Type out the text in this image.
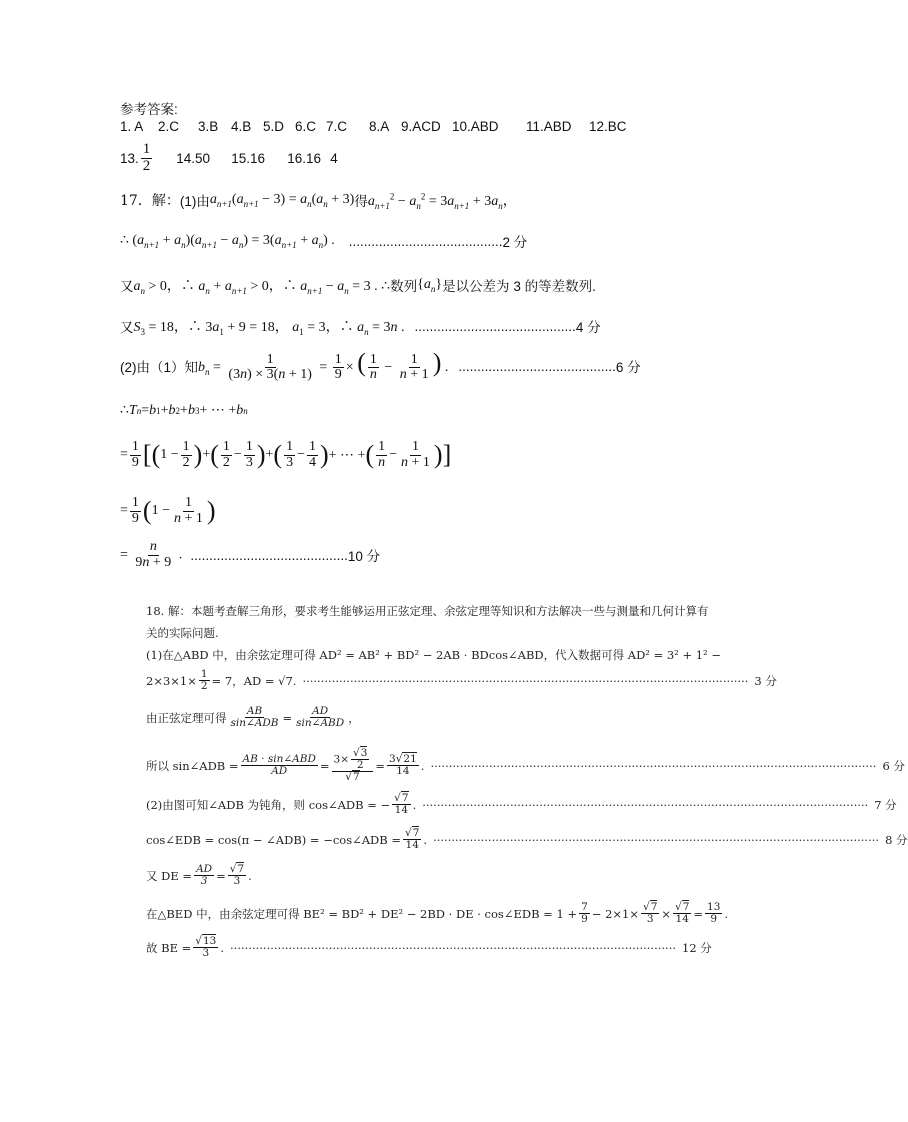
参考答案:
1. A	2.C	3.B 4.B 5.D 6.C 7.C	8.A 9.ACD 10.ABD	11.ABD	12.BC
13. $\frac{1}{2} 14.50$	15.16	16.16 4
17．解： (1)由 $a_{n+1}(a_{n+1} - 3) = a_n(a_n + 3)$ 得 $a_{n+1}^2 - a_n^2 = 3a_{n+1} + 3a_n$，
∴ $(a_{n+1} + a_n)(a_{n+1} - a_n) = 3(a_{n+1} + a_n)$ . ......................................... 2 分
又 $a_n > 0$，∴ $a_n + a_{n+1} > 0$，∴ $a_{n+1} - a_n = 3$ . ∴ 数列 $\{a_n\}$ 是以公差为 3 的等差数列.
又 $S_3 = 18$，∴ $3a_1 + 9 = 18$， $a_1 = 3$，∴ $a_n = 3n$ . ........................................... 4 分
(2)由（1）知 $b_n = \frac{1}{(3n) \times 3(n + 1)} = \frac{1}{9}$ × ( $\frac{1}{n} - \frac{1}{n + 1}$ ) . .......................................... 6 分
∴ T n = b 1 + b 2 + b 3 + ⋯ + b n
= $\frac{1}{9}$ [ ( $1 - \frac{1}{2}$ ) + ( $\frac{1}{2} - \frac{1}{3}$ ) + ( $\frac{1}{3} - \frac{1}{4}$ ) + ⋯ + ( $\frac{1}{n} - \frac{1}{n + 1}$ ) ]
= $\frac{1}{9}$ ( $1 - \frac{1}{n + 1}$ )
= $\frac{n}{9n + 9}$ . .......................................... 10 分
18. 解：本题考查解三角形，要求考生能够运用正弦定理、余弦定理等知识和方法解决一些与测量和几何计算有
关的实际问题.
(1)在△ABD 中，由余弦定理可得 AD² = AB² + BD² − 2AB · BDcos∠ABD，代入数据可得 AD² = 3² + 1² −
$2\times 3\times 1\times \frac{1}{2} = 7$，AD = √7. ·························································································································· 3 分
由正弦定理可得 $\frac{AB}{\text{sin∠ADB}} = \frac{AD}{\text{sin∠ABD}}$ ，
所以 sin∠ADB = $\frac{\text{AB · sin∠ABD}}{AD} = \frac{3\times \frac{√3}{2}}{√7} = \frac{3√21}{14}$ . ·························································································································· 6 分
(2)由图可知∠ADB 为钝角，则 cos∠ADB = − $\frac{√7}{14}$ . ·························································································································· 7 分
cos∠EDB = cos(π − ∠ADB) = −cos∠ADB = $\frac{√7}{14}$ . ·························································································································· 8 分
又 DE = $\frac{AD}{3} = \frac{√7}{3}$ .
在△BED 中，由余弦定理可得 BE² = BD² + DE² − 2BD · DE · cos∠EDB = $1 + \frac{7}{9} - 2\times 1\times \frac{√7}{3} \times \frac{√7}{14} = \frac{13}{9}$ .
故 BE = $\frac{√13}{3}$ . ·························································································································· 12 分
